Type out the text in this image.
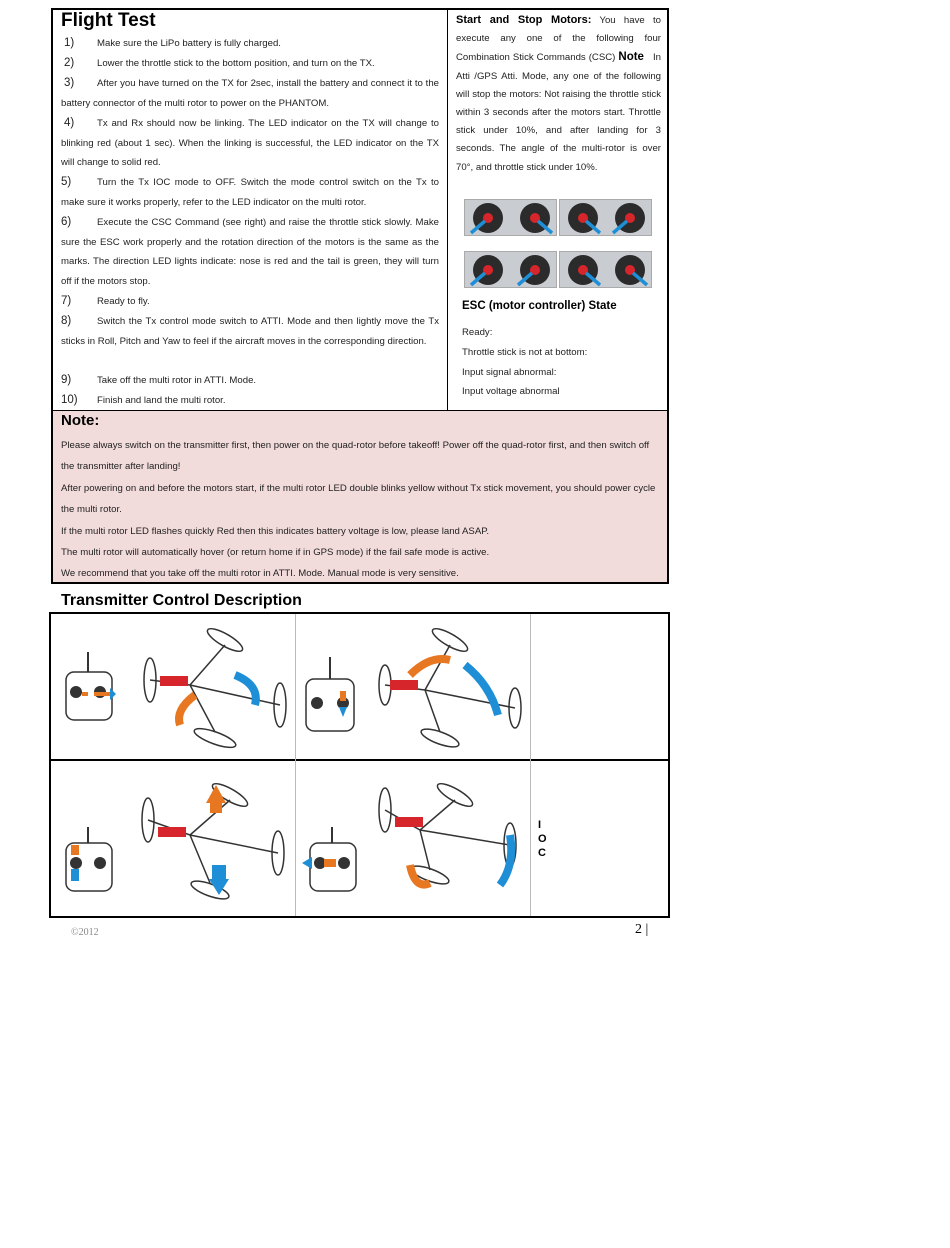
Flight Test
1) Make sure the LiPo battery is fully charged.
2) Lower the throttle stick to the bottom position, and turn on the TX.
3) After you have turned on the TX for 2sec, install the battery and connect it to the battery connector of the multi rotor to power on the PHANTOM.
4) Tx and Rx should now be linking. The LED indicator on the TX will change to blinking red (about 1 sec). When the linking is successful, the LED indicator on the TX will change to solid red.
5)	Turn the Tx IOC mode to OFF. Switch the mode control switch on the Tx to make sure it works properly, refer to the LED indicator on the multi rotor.
6)	Execute the CSC Command (see right) and raise the throttle stick slowly. Make sure the ESC work properly and the rotation direction of the motors is the same as the marks. The direction LED lights indicate: nose is red and the tail is green, they will turn off if the motors stop.
7)	Ready to fly.
8)	Switch the Tx control mode switch to ATTI. Mode and then lightly move the Tx sticks in Roll, Pitch and Yaw to feel if the aircraft moves in the corresponding direction.
9)	Take off the multi rotor in ATTI. Mode.
10) Finish and land the multi rotor.
Start and Stop Motors: You have to execute any one of the following four Combination Stick Commands (CSC) Note In Atti /GPS Atti. Mode, any one of the following will stop the motors: Not raising the throttle stick within 3 seconds after the motors start. Throttle stick under 10%, and after landing for 3 seconds. The angle of the multi-rotor is over 70°, and throttle stick under 10%.
ESC (motor controller) State
Ready:
Throttle stick is not at bottom:
Input signal abnormal:
Input voltage abnormal
Note:
Please always switch on the transmitter first, then power on the quad-rotor before takeoff! Power off the quad-rotor first, and then switch off the transmitter after landing!
After powering on and before the motors start, if the multi rotor LED double blinks yellow without Tx stick movement, you should power cycle the multi rotor.
If the multi rotor LED flashes quickly Red then this indicates battery voltage is low, please land ASAP.
The multi rotor will automatically hover (or return home if in GPS mode) if the fail safe mode is active.
We recommend that you take off the multi rotor in ATTI. Mode. Manual mode is very sensitive.
Transmitter Control Description
I
O
C
©2012	2 |
